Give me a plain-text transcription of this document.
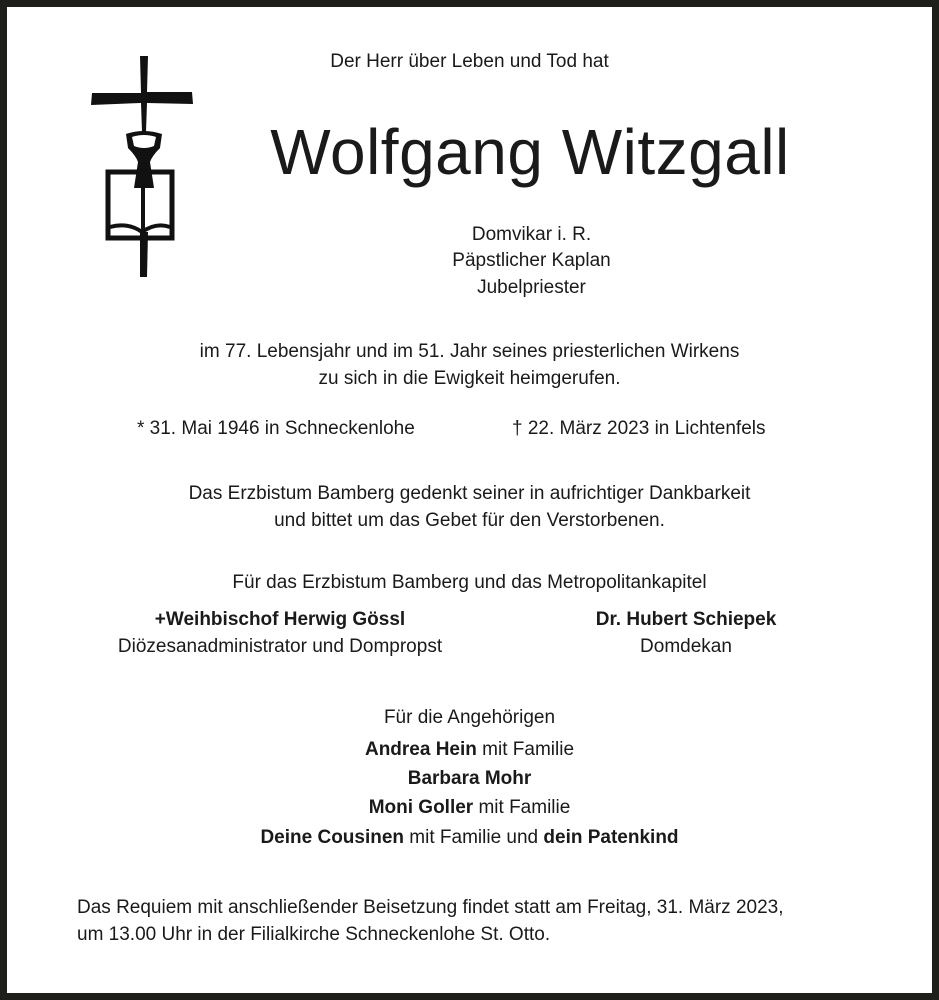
Der Herr über Leben und Tod hat
Wolfgang Witzgall
Domvikar i. R.
Päpstlicher Kaplan
Jubelpriester
im 77. Lebensjahr und im 51. Jahr seines priesterlichen Wirkens
zu sich in die Ewigkeit heimgerufen.
* 31. Mai 1946 in Schneckenlohe	† 22. März 2023 in Lichtenfels
Das Erzbistum Bamberg gedenkt seiner in aufrichtiger Dankbarkeit
und bittet um das Gebet für den Verstorbenen.
Für das Erzbistum Bamberg und das Metropolitankapitel
+Weihbischof Herwig Gössl
Diözesanadministrator und Dompropst
Dr. Hubert Schiepek
Domdekan
Für die Angehörigen
Andrea Hein mit Familie
Barbara Mohr
Moni Goller mit Familie
Deine Cousinen mit Familie und dein Patenkind
Das Requiem mit anschließender Beisetzung findet statt am Freitag, 31. März 2023,
um 13.00 Uhr in der Filialkirche Schneckenlohe St. Otto.
